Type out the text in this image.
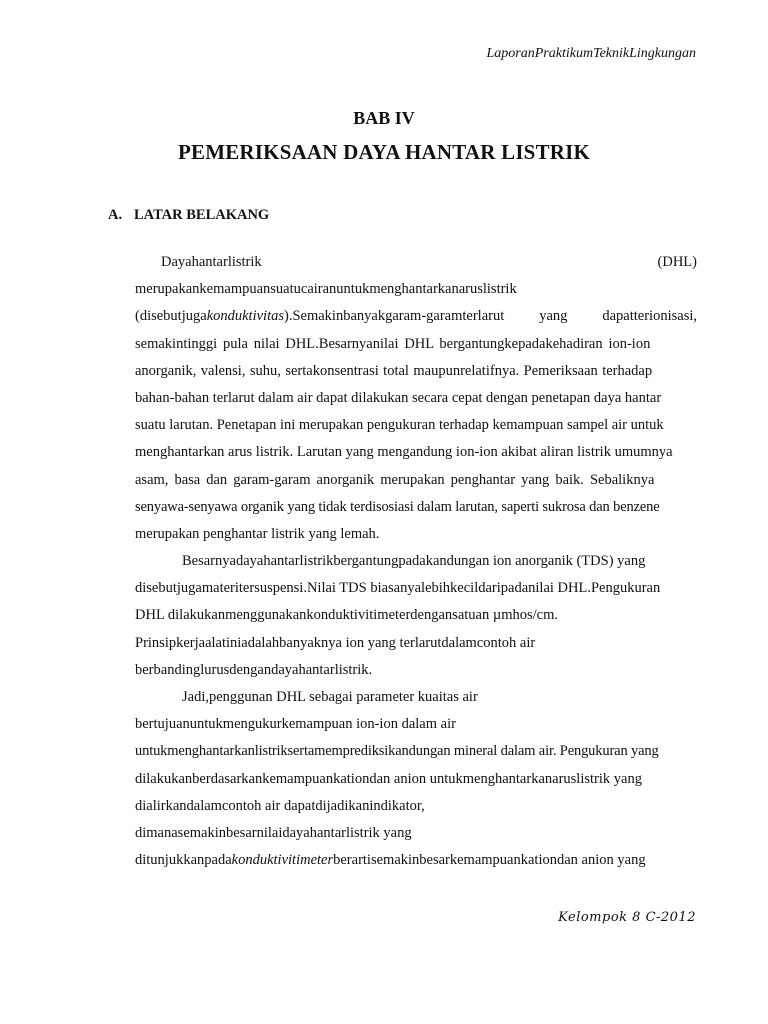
LaporanPraktikumTeknikLingkungan
BAB IV
PEMERIKSAAN DAYA HANTAR LISTRIK
A. LATAR BELAKANG
Dayahantarlistrik	(DHL)
merupakankemampuansuatucairanuntukmenghantarkanaruslistrik
(disebutjugakonduktivitas).Semakinbanyakgaram-garamterlarut yang dapatterionisasi,
semakintinggi pula nilai DHL.Besarnyanilai DHL bergantungkepadakehadiran ion-ion
anorganik, valensi, suhu, sertakonsentrasi total maupunrelatifnya. Pemeriksaan terhadap
bahan-bahan terlarut dalam air dapat dilakukan secara cepat dengan penetapan daya hantar
suatu larutan. Penetapan ini merupakan pengukuran terhadap kemampuan sampel air untuk
menghantarkan arus listrik. Larutan yang mengandung ion-ion akibat aliran listrik umumnya
asam, basa dan garam-garam anorganik merupakan penghantar yang baik. Sebaliknya
senyawa-senyawa organik yang tidak terdisosiasi dalam larutan, saperti sukrosa dan benzene
merupakan penghantar listrik yang lemah.
Besarnyadayahantarlistrikbergantungpadakandungan ion anorganik (TDS) yang
disebutjugamateritersuspensi.Nilai TDS biasanyalebihkecildaripadanilai DHL.Pengukuran
DHL dilakukanmenggunakankonduktivitimeterdengansatuan µmhos/cm.
Prinsipkerjaalatiniadalahbanyaknya ion yang terlarutdalamcontoh air
berbandinglurusdengandayahantarlistrik.
Jadi,penggunan DHL sebagai parameter kuaitas air
bertujuanuntukmengukurkemampuan ion-ion dalam air
untukmenghantarkanlistriksertamemprediksikandungan mineral dalam air. Pengukuran yang
dilakukanberdasarkankemampuankationdan anion untukmenghantarkanaruslistrik yang
dialirkandalamcontoh air dapatdijadikanindikator,
dimanasemakinbesarnilaidayahantarlistrik yang
ditunjukkanpadakonduktivitimeterberartisemakinbesarkemampuankationdan anion yang
Kelompok 8 C-2012
